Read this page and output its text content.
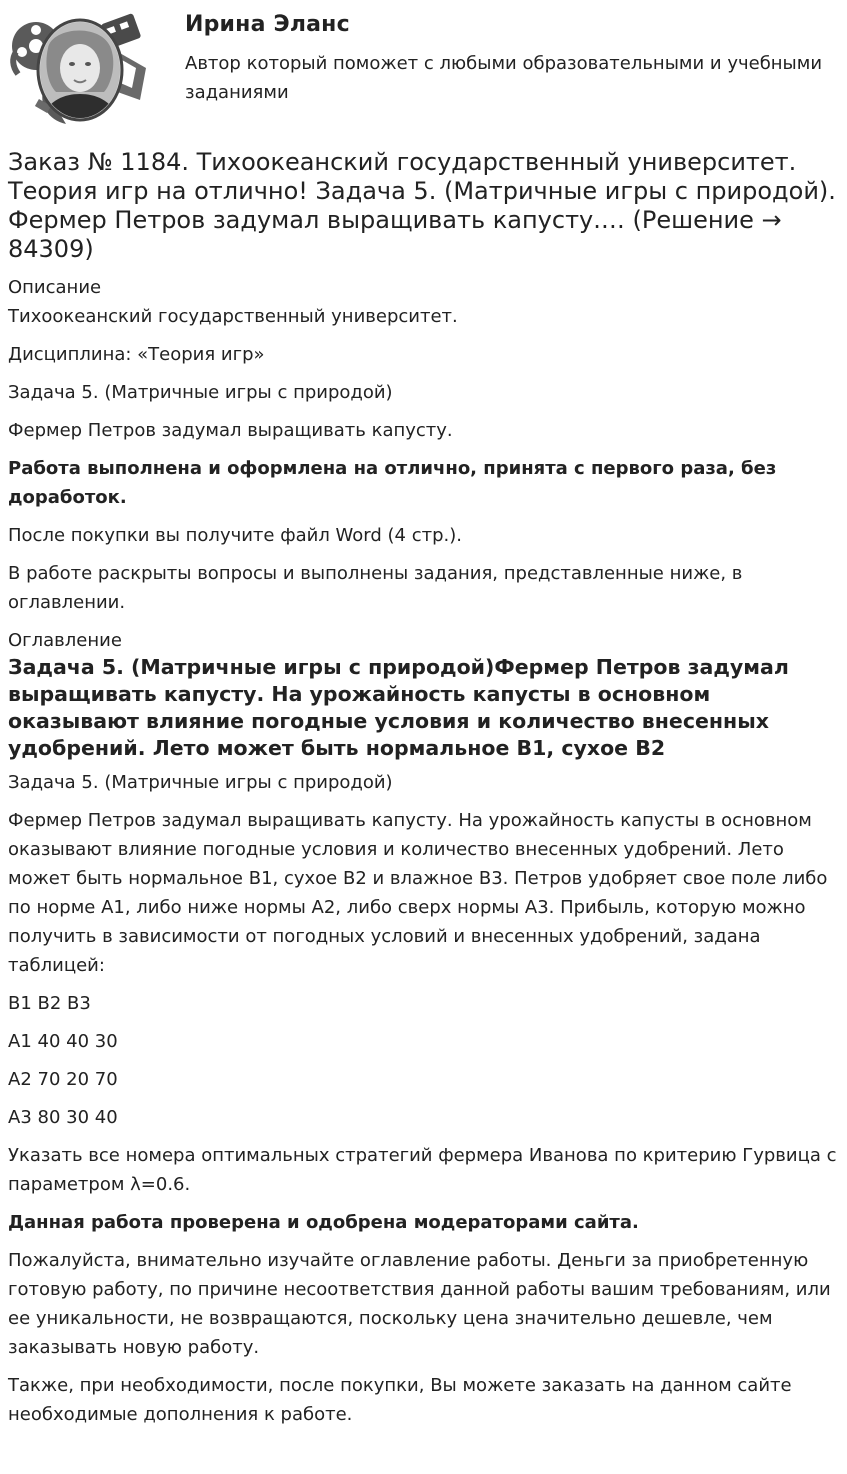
Ирина Эланс
Автор который поможет с любыми образовательными и учебными заданиями
Заказ № 1184. Тихоокеанский государственный университет. Теория игр на отлично! Задача 5. (Матричные игры с природой). Фермер Петров задумал выращивать капусту.… (Решение → 84309)
Описание

Тихоокеанский государственный университет.

Дисциплина: «Теория игр»

Задача 5. (Матричные игры с природой)

Фермер Петров задумал выращивать капусту.

Работа выполнена и оформлена на отлично, принята с первого раза, без доработок.

После покупки вы получите файл Word (4 стр.).

В работе раскрыты вопросы и выполнены задания, представленные ниже, в оглавлении.

Оглавление
Задача 5. (Матричные игры с природой)Фермер Петров задумал выращивать капусту. На урожайность капусты в основном оказывают влияние погодные условия и количество внесенных удобрений. Лето может быть нормальное В1, сухое В2

Задача 5. (Матричные игры с природой)

Фермер Петров задумал выращивать капусту. На урожайность капусты в основном оказывают влияние погодные условия и количество внесенных удобрений. Лето может быть нормальное В1, сухое В2 и влажное В3. Петров удобряет свое поле либо по норме А1, либо ниже нормы А2, либо сверх нормы А3. Прибыль, которую можно получить в зависимости от погодных условий и внесенных удобрений, задана таблицей:

В1 В2 В3

А1 40 40 30

А2 70 20 70

А3 80 30 40

Указать все номера оптимальных стратегий фермера Иванова по критерию Гурвица с параметром λ=0.6.

Данная работа проверена и одобрена модераторами сайта.

Пожалуйста, внимательно изучайте оглавление работы. Деньги за приобретенную готовую работу, по причине несоответствия данной работы вашим требованиям, или ее уникальности, не возвращаются, поскольку цена значительно дешевле, чем заказывать новую работу.

Также, при необходимости, после покупки, Вы можете заказать на данном сайте необходимые дополнения к работе.
